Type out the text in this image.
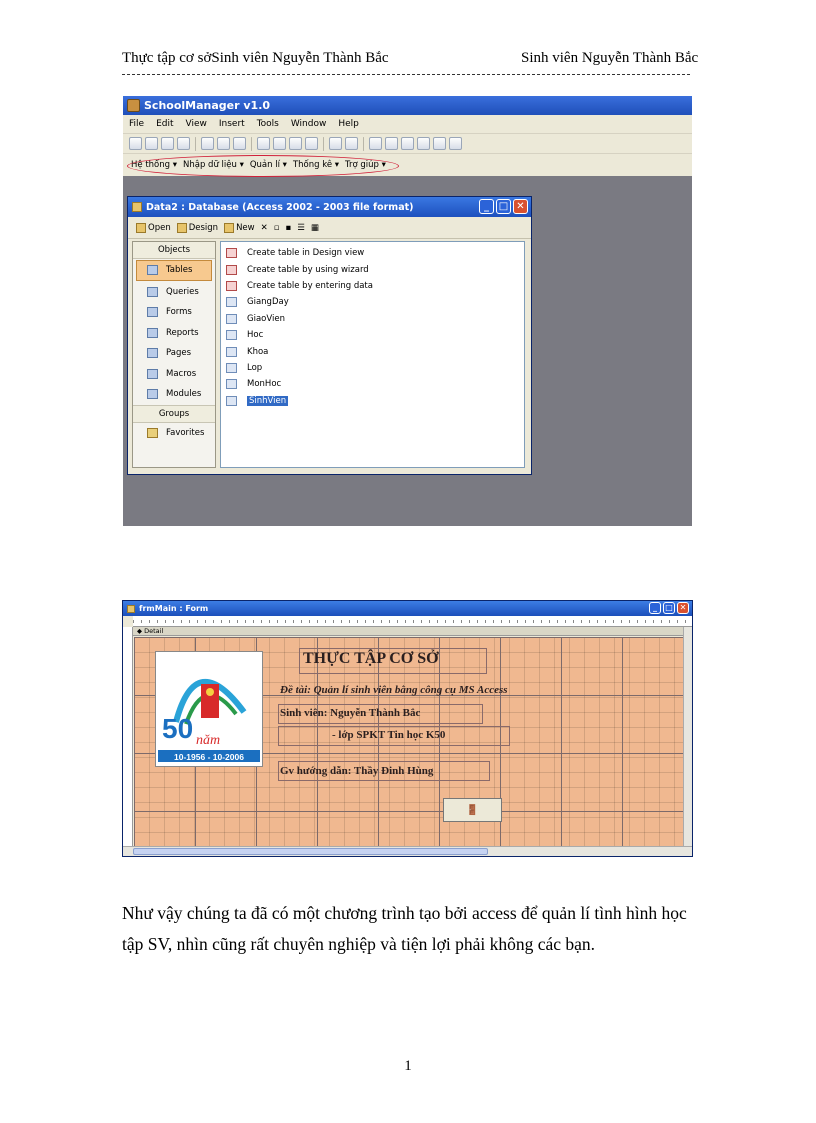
Thực tập cơ sởSinh viên Nguyễn Thành Bắc	Sinh viên Nguyễn Thành Bắc
SchoolManager v1.0
File Edit View Insert Tools Window Help
Hệ thống ▾ Nhập dữ liệu ▾ Quản lí ▾ Thống kê ▾ Trợ giúp ▾
Data2 : Database (Access 2002 - 2003 file format)	_ □ ✕
Open Design New ✕ ▫ ▪ ☰ ▦
Objects
Tables
Queries
Forms
Reports
Pages
Macros
Modules
Groups
Favorites
Create table in Design view
Create table by using wizard
Create table by entering data
GiangDay
GiaoVien
Hoc
Khoa
Lop
MonHoc
SinhVien
frmMain : Form	_	□ ✕
◆ Detail
50 năm
10-1956 - 10-2006
THỰC TẬP CƠ SỞ
Đề tài: Quản lí sinh viên bằng công cụ MS Access
Sinh viên: Nguyễn Thành Bắc
- lớp SPKT Tin học K50
Gv hướng dẫn: Thầy Đinh Hùng
🚪

Như vậy chúng ta đã có một chương trình tạo bởi access để quản lí tình hình học tập SV, nhìn cũng rất chuyên nghiệp và tiện lợi phải không các bạn.

1
